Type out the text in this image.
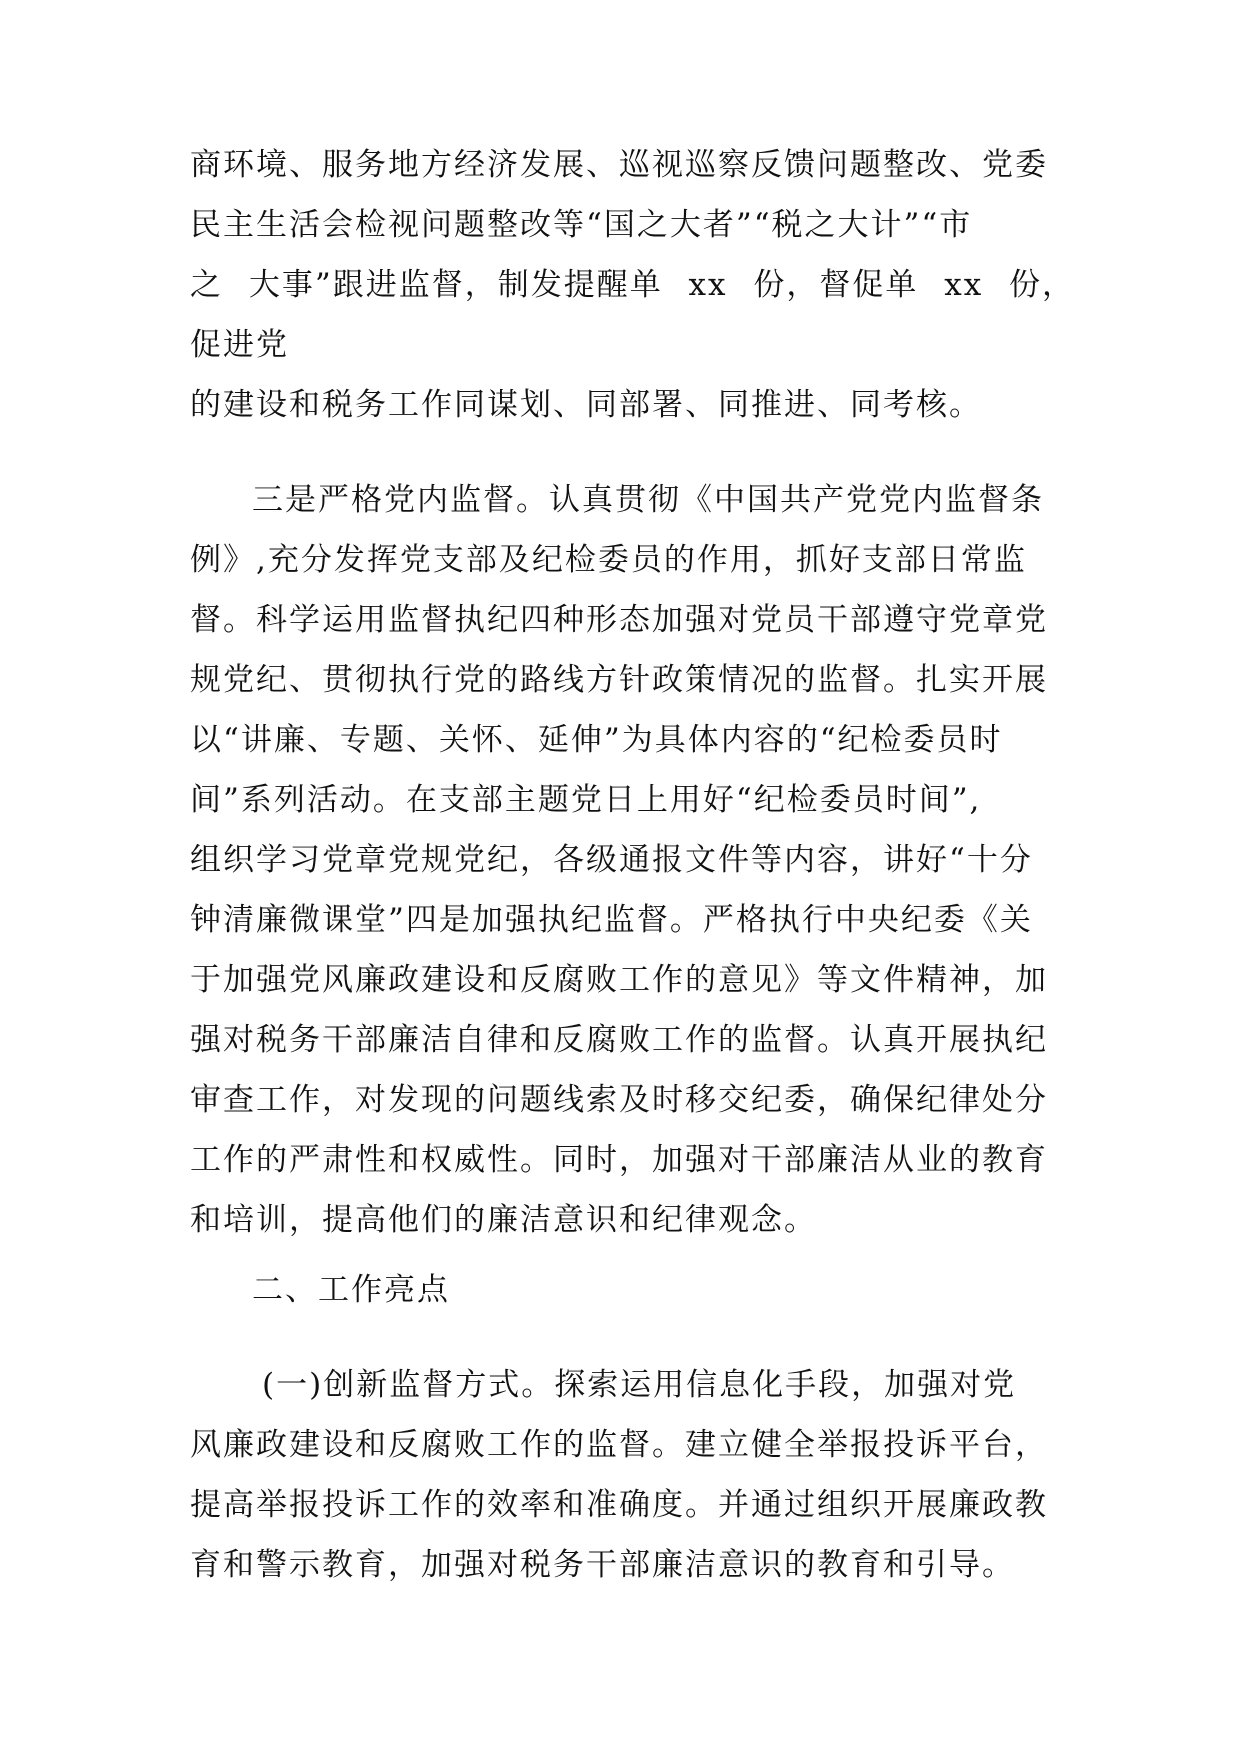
商环境、服务地方经济发展、巡视巡察反馈问题整改、党委
民主生活会检视问题整改等“国之大者”“税之大计”“市
之 大事”跟进监督，制发提醒单 xx 份，督促单 xx 份，
促进党
的建设和税务工作同谋划、同部署、同推进、同考核。
三是严格党内监督。认真贯彻《中国共产党党内监督条
例》,充分发挥党支部及纪检委员的作用，抓好支部日常监
督。科学运用监督执纪四种形态加强对党员干部遵守党章党
规党纪、贯彻执行党的路线方针政策情况的监督。扎实开展
以“讲廉、专题、关怀、延伸”为具体内容的“纪检委员时
间”系列活动。在支部主题党日上用好“纪检委员时间”,
组织学习党章党规党纪，各级通报文件等内容，讲好“十分
钟清廉微课堂”四是加强执纪监督。严格执行中央纪委《关
于加强党风廉政建设和反腐败工作的意见》等文件精神，加
强对税务干部廉洁自律和反腐败工作的监督。认真开展执纪
审查工作，对发现的问题线索及时移交纪委，确保纪律处分
工作的严肃性和权威性。同时，加强对干部廉洁从业的教育
和培训，提高他们的廉洁意识和纪律观念。
二、工作亮点
(一)创新监督方式。探索运用信息化手段，加强对党
风廉政建设和反腐败工作的监督。建立健全举报投诉平台，
提高举报投诉工作的效率和准确度。并通过组织开展廉政教
育和警示教育，加强对税务干部廉洁意识的教育和引导。
